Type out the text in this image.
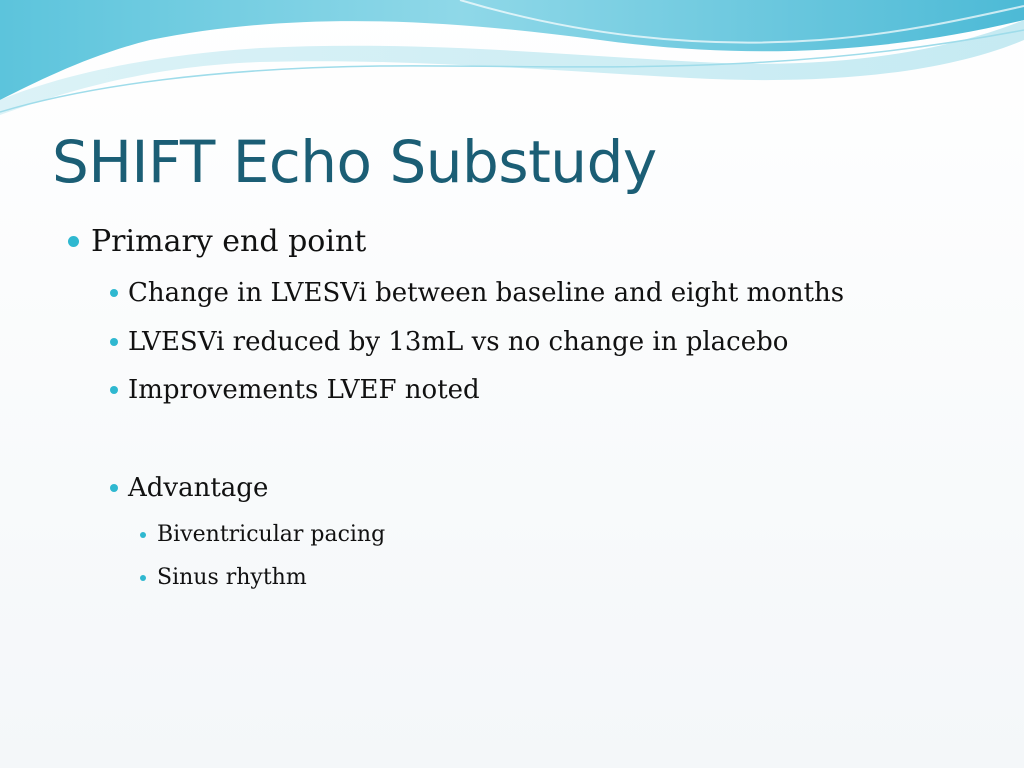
SHIFT Echo Substudy
Primary end point
Change in LVESVi between baseline and eight months
LVESVi reduced by 13mL vs no change in placebo
Improvements LVEF noted
Advantage
Biventricular pacing
Sinus rhythm
